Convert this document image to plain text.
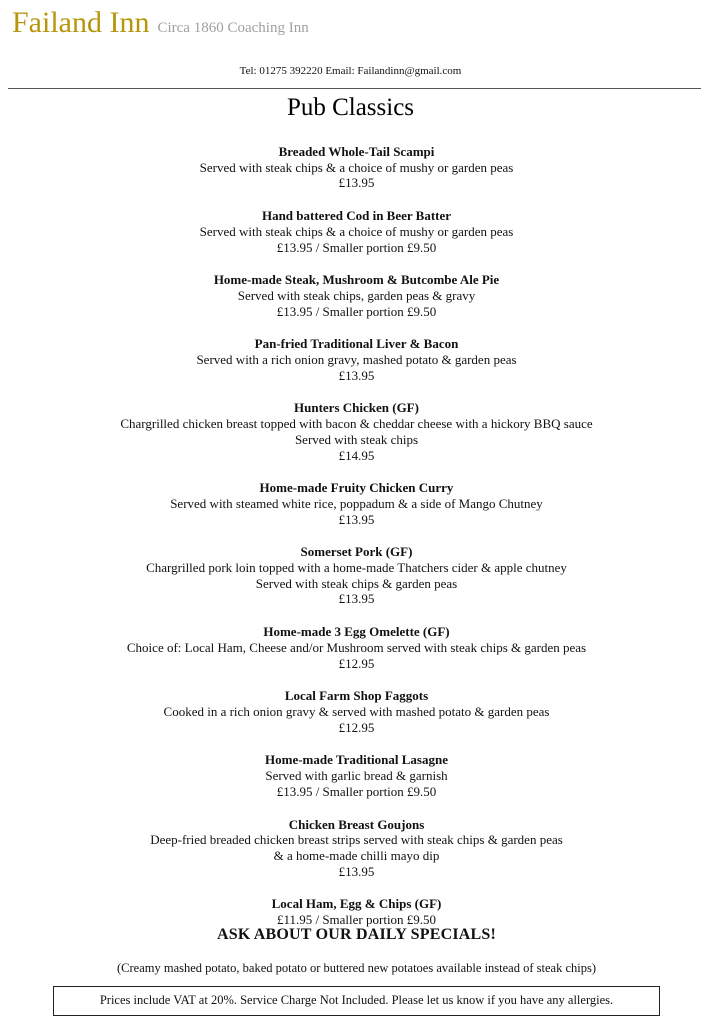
Failand Inn Circa 1860 Coaching Inn
Tel: 01275 392220 Email: Failandinn@gmail.com
Pub Classics
Breaded Whole-Tail Scampi
Served with steak chips & a choice of mushy or garden peas
£13.95
Hand battered Cod in Beer Batter
Served with steak chips & a choice of mushy or garden peas
£13.95 / Smaller portion £9.50
Home-made Steak, Mushroom & Butcombe Ale Pie
Served with steak chips, garden peas & gravy
£13.95 / Smaller portion £9.50
Pan-fried Traditional Liver & Bacon
Served with a rich onion gravy, mashed potato & garden peas
£13.95
Hunters Chicken (GF)
Chargrilled chicken breast topped with bacon & cheddar cheese with a hickory BBQ sauce
Served with steak chips
£14.95
Home-made Fruity Chicken Curry
Served with steamed white rice, poppadum & a side of Mango Chutney
£13.95
Somerset Pork (GF)
Chargrilled pork loin topped with a home-made Thatchers cider & apple chutney
Served with steak chips & garden peas
£13.95
Home-made 3 Egg Omelette (GF)
Choice of: Local Ham, Cheese and/or Mushroom served with steak chips & garden peas
£12.95
Local Farm Shop Faggots
Cooked in a rich onion gravy & served with mashed potato & garden peas
£12.95
Home-made Traditional Lasagne
Served with garlic bread & garnish
£13.95 / Smaller portion £9.50
Chicken Breast Goujons
Deep-fried breaded chicken breast strips served with steak chips & garden peas
& a home-made chilli mayo dip
£13.95
Local Ham, Egg & Chips (GF)
£11.95 / Smaller portion £9.50
ASK ABOUT OUR DAILY SPECIALS!
(Creamy mashed potato, baked potato or buttered new potatoes available instead of steak chips)
Prices include VAT at 20%. Service Charge Not Included. Please let us know if you have any allergies.
